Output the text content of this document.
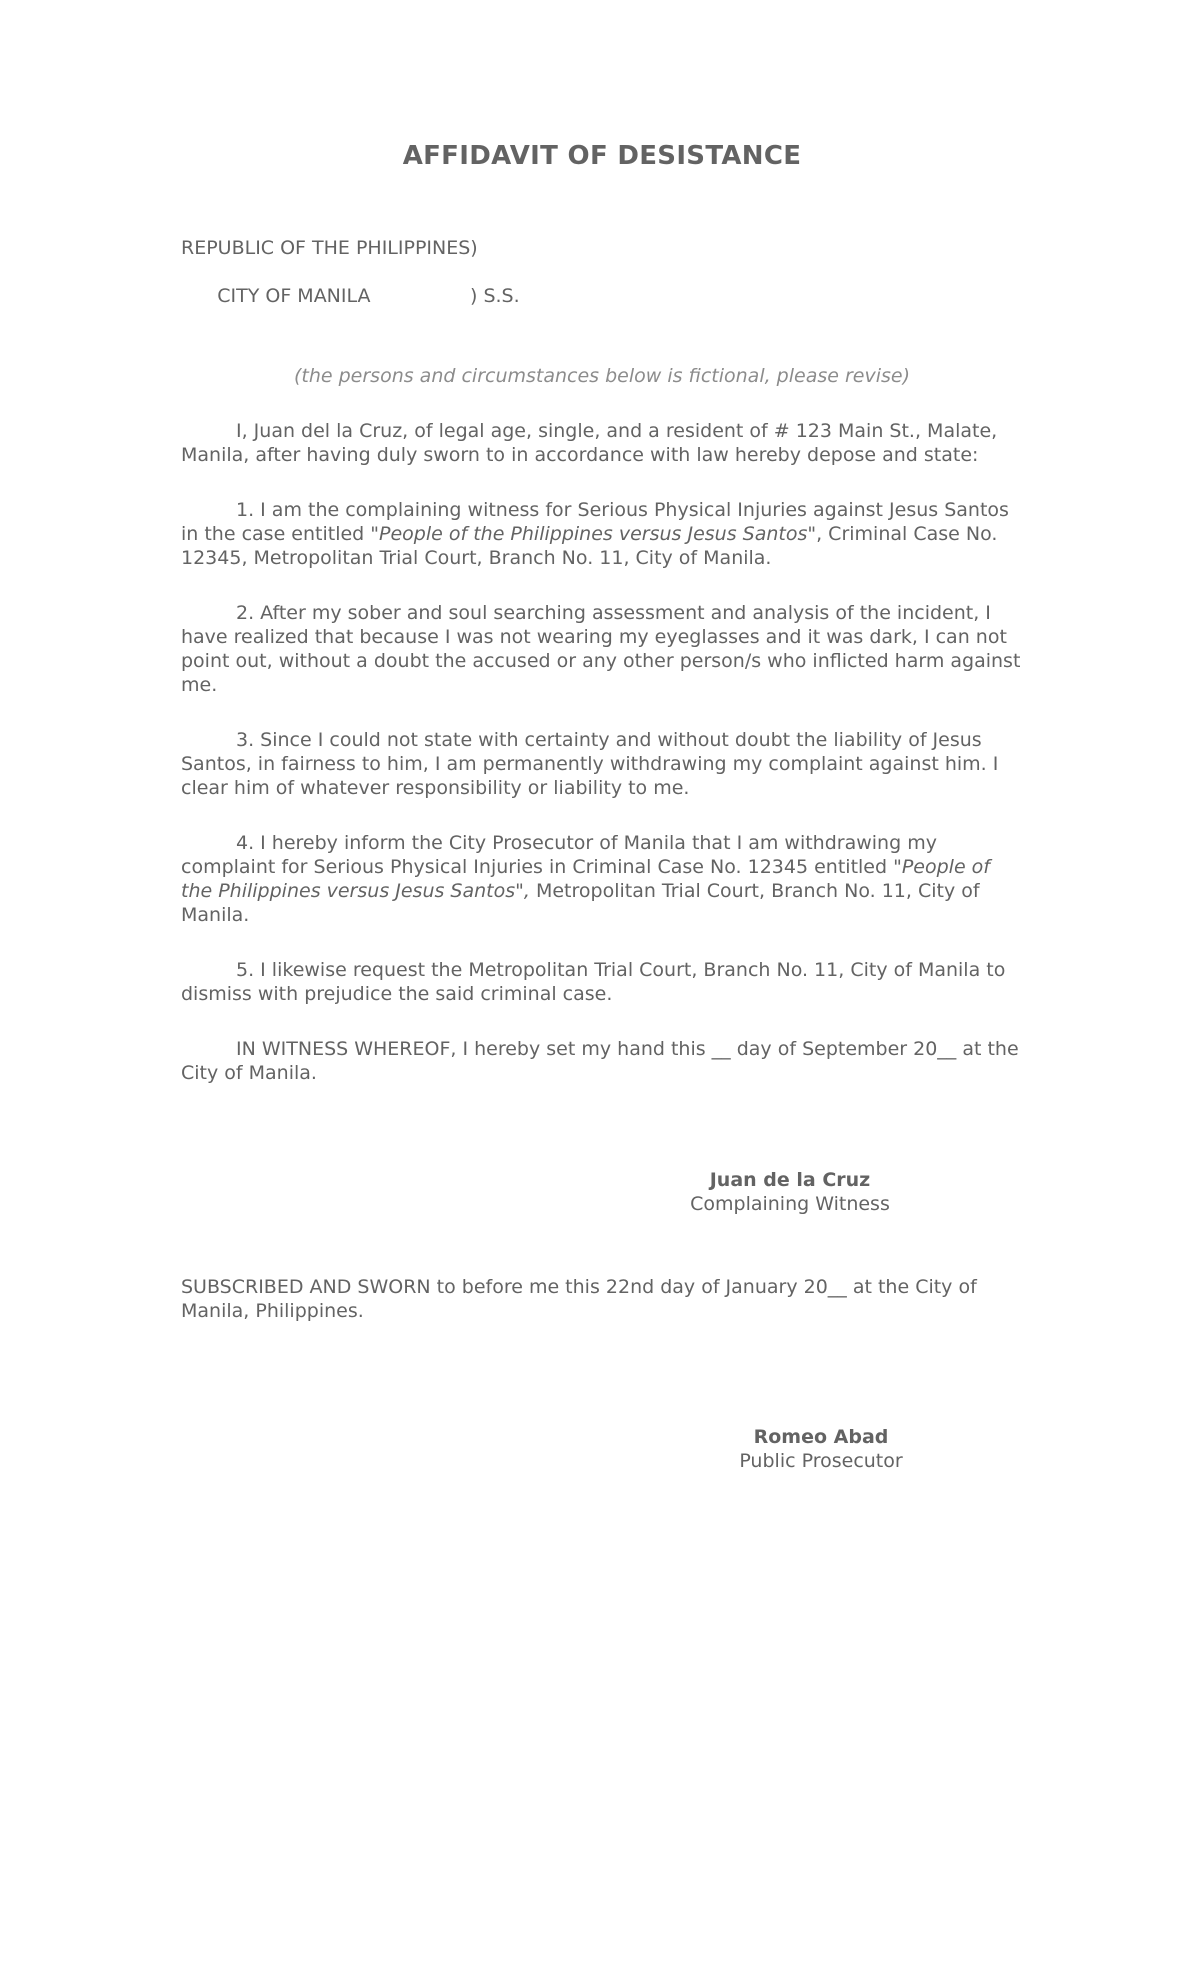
AFFIDAVIT OF DESISTANCE
REPUBLIC OF THE PHILIPPINES)

CITY OF MANILA	) S.S.

(the persons and circumstances below is fictional, please revise)

I, Juan del la Cruz, of legal age, single, and a resident of # 123 Main St., Malate, Manila, after having duly sworn to in accordance with law hereby depose and state:

1. I am the complaining witness for Serious Physical Injuries against Jesus Santos in the case entitled "People of the Philippines versus Jesus Santos", Criminal Case No. 12345, Metropolitan Trial Court, Branch No. 11, City of Manila.

2. After my sober and soul searching assessment and analysis of the incident, I have realized that because I was not wearing my eyeglasses and it was dark, I can not point out, without a doubt the accused or any other person/s who inflicted harm against me.

3. Since I could not state with certainty and without doubt the liability of Jesus Santos, in fairness to him, I am permanently withdrawing my complaint against him. I clear him of whatever responsibility or liability to me.

4. I hereby inform the City Prosecutor of Manila that I am withdrawing my complaint for Serious Physical Injuries in Criminal Case No. 12345 entitled "People of the Philippines versus Jesus Santos", Metropolitan Trial Court, Branch No. 11, City of Manila.

5. I likewise request the Metropolitan Trial Court, Branch No. 11, City of Manila to dismiss with prejudice the said criminal case.

IN WITNESS WHEREOF, I hereby set my hand this __ day of September 20__ at the City of Manila.

Juan de la Cruz
Complaining Witness

SUBSCRIBED AND SWORN to before me this 22nd day of January 20__ at the City of Manila, Philippines.

Romeo Abad
Public Prosecutor
